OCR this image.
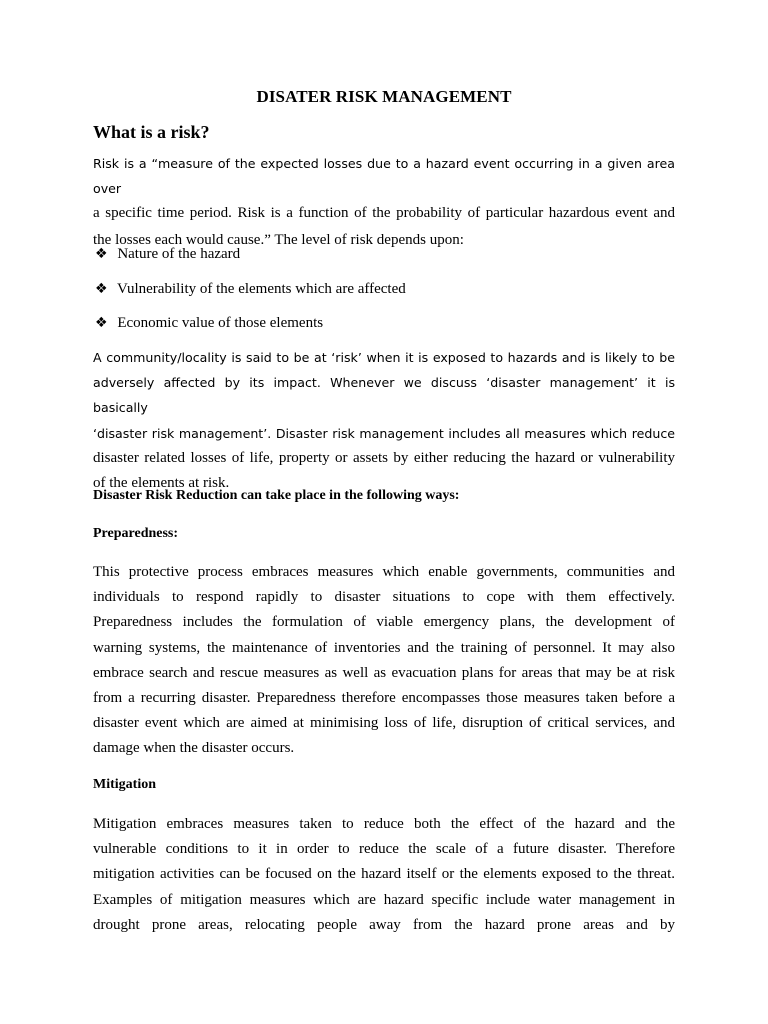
DISATER RISK MANAGEMENT
What is a risk?
Risk is a “measure of the expected losses due to a hazard event occurring in a given area over
a specific time period. Risk is a function of the probability of particular hazardous event and
the losses each would cause.” The level of risk depends upon:
❖ Nature of the hazard
❖ Vulnerability of the elements which are affected
❖ Economic value of those elements
A community/locality is said to be at ‘risk’ when it is exposed to hazards and is likely to be
adversely affected by its impact. Whenever we discuss ‘disaster management’ it is basically
‘disaster risk management’. Disaster risk management includes all measures which reduce
disaster related losses of life, property or assets by either reducing the hazard or vulnerability
of the elements at risk.
Disaster Risk Reduction can take place in the following ways:
Preparedness:
This protective process embraces measures which enable governments, communities and
individuals to respond rapidly to disaster situations to cope with them effectively.
Preparedness includes the formulation of viable emergency plans, the development of
warning systems, the maintenance of inventories and the training of personnel. It may also
embrace search and rescue measures as well as evacuation plans for areas that may be at risk
from a recurring disaster. Preparedness therefore encompasses those measures taken before a
disaster event which are aimed at minimising loss of life, disruption of critical services, and
damage when the disaster occurs.
Mitigation
Mitigation embraces measures taken to reduce both the effect of the hazard and the
vulnerable conditions to it in order to reduce the scale of a future disaster. Therefore
mitigation activities can be focused on the hazard itself or the elements exposed to the threat.
Examples of mitigation measures which are hazard specific include water management in
drought prone areas, relocating people away from the hazard prone areas and by
